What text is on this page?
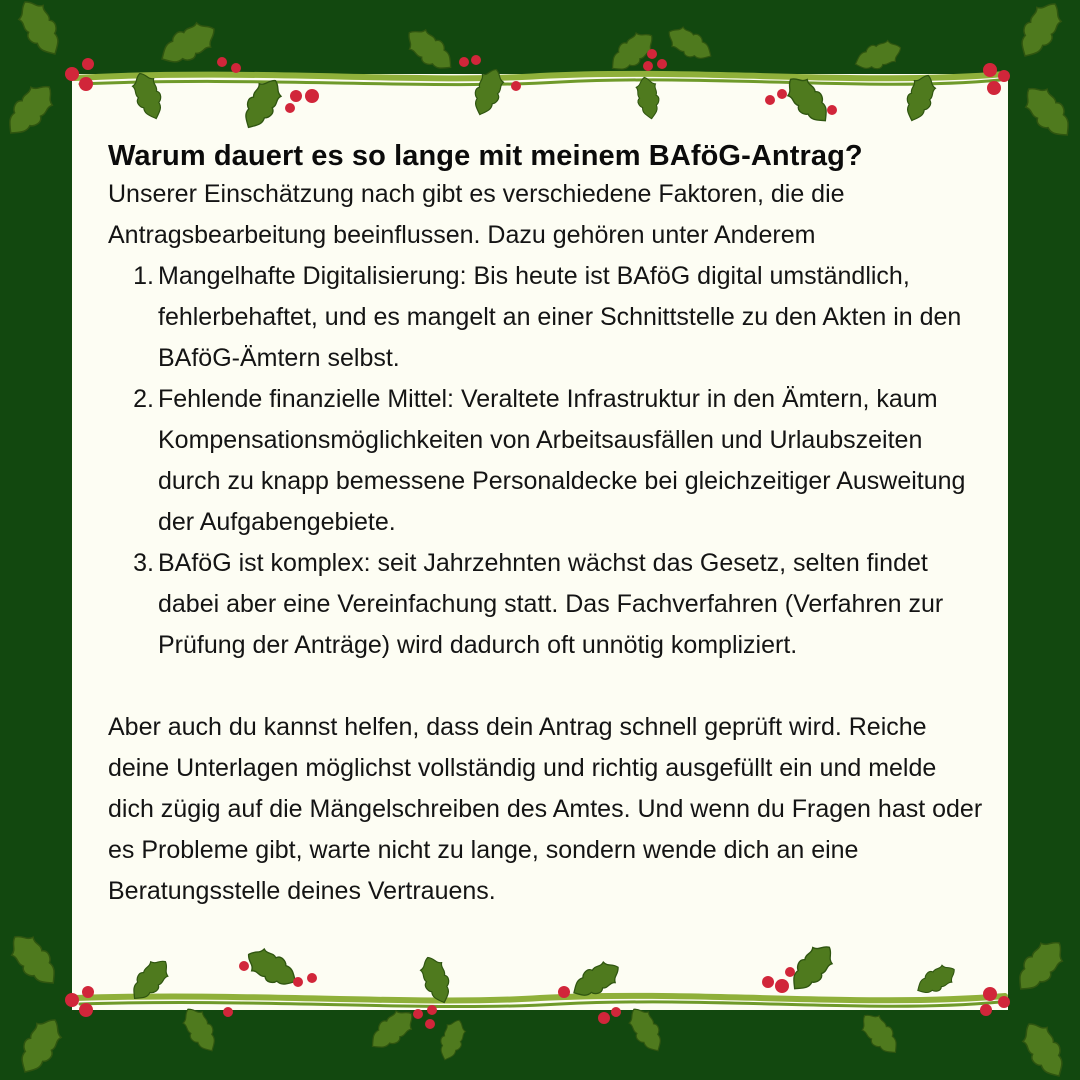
Warum dauert es so lange mit meinem BAföG-Antrag?

Unserer Einschätzung nach gibt es verschiedene Faktoren, die die Antragsbearbeitung beeinflussen. Dazu gehören unter Anderem

1. Mangelhafte Digitalisierung: Bis heute ist BAföG digital umständlich, fehlerbehaftet, und es mangelt an einer Schnittstelle zu den Akten in den BAföG-Ämtern selbst.
2. Fehlende finanzielle Mittel: Veraltete Infrastruktur in den Ämtern, kaum Kompensationsmöglichkeiten von Arbeitsausfällen und Urlaubszeiten durch zu knapp bemessene Personaldecke bei gleichzeitiger Ausweitung der Aufgabengebiete.
3. BAföG ist komplex: seit Jahrzehnten wächst das Gesetz, selten findet dabei aber eine Vereinfachung statt. Das Fachverfahren (Verfahren zur Prüfung der Anträge) wird dadurch oft unnötig kompliziert.

Aber auch du kannst helfen, dass dein Antrag schnell geprüft wird. Reiche deine Unterlagen möglichst vollständig und richtig ausgefüllt ein und melde dich zügig auf die Mängelschreiben des Amtes. Und wenn du Fragen hast oder es Probleme gibt, warte nicht zu lange, sondern wende dich an eine Beratungsstelle deines Vertrauens.
